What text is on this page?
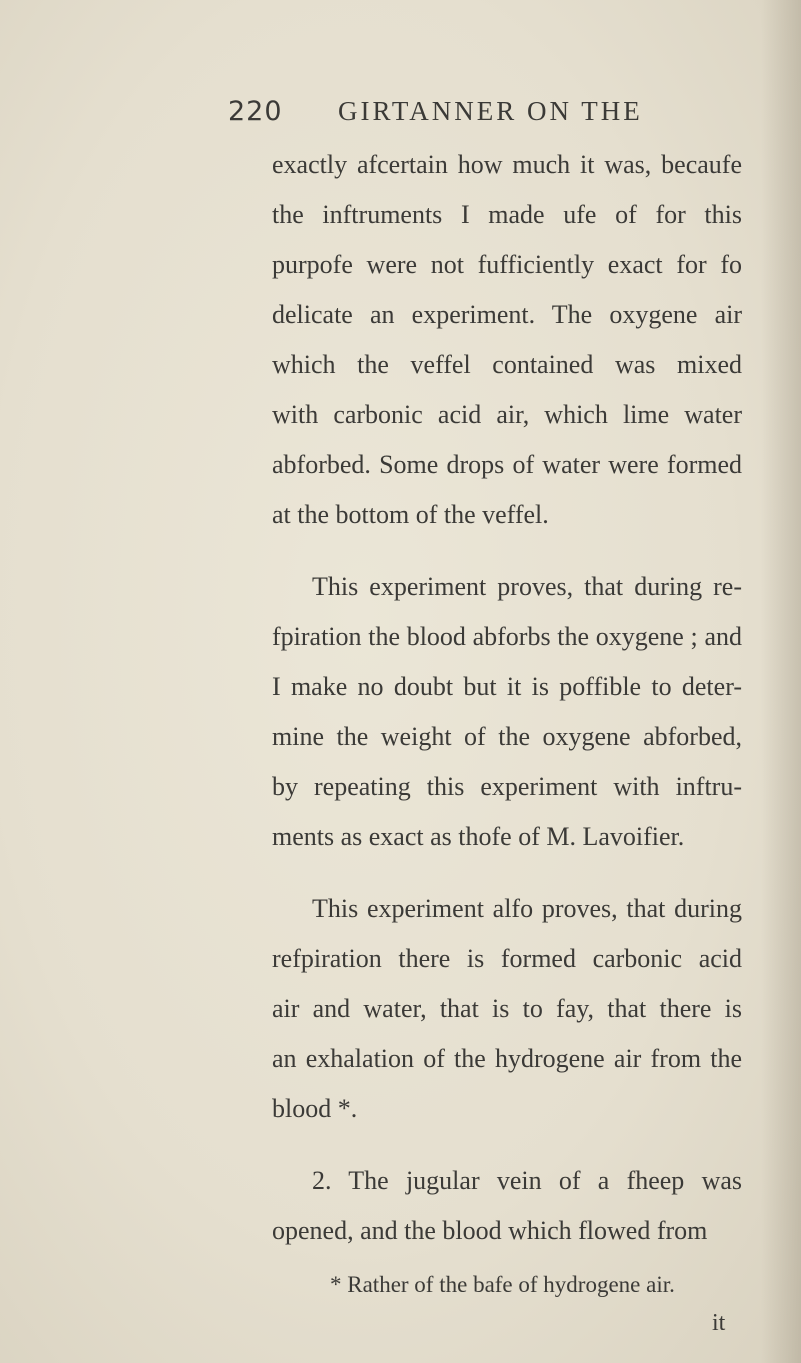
220 GIRTANNER ON THE
exactly afcertain how much it was, becaufe
the inftruments I made ufe of for this
purpofe were not fufficiently exact for fo
delicate an experiment. The oxygene air
which the veffel contained was mixed
with carbonic acid air, which lime water
abforbed. Some drops of water were formed
at the bottom of the veffel.
This experiment proves, that during re-
fpiration the blood abforbs the oxygene ; and
I make no doubt but it is poffible to deter-
mine the weight of the oxygene abforbed,
by repeating this experiment with inftru-
ments as exact as thofe of M. Lavoifier.
This experiment alfo proves, that during
refpiration there is formed carbonic acid
air and water, that is to fay, that there is
an exhalation of the hydrogene air from the
blood *.
2. The jugular vein of a fheep was
opened, and the blood which flowed from
* Rather of the bafe of hydrogene air.
it
